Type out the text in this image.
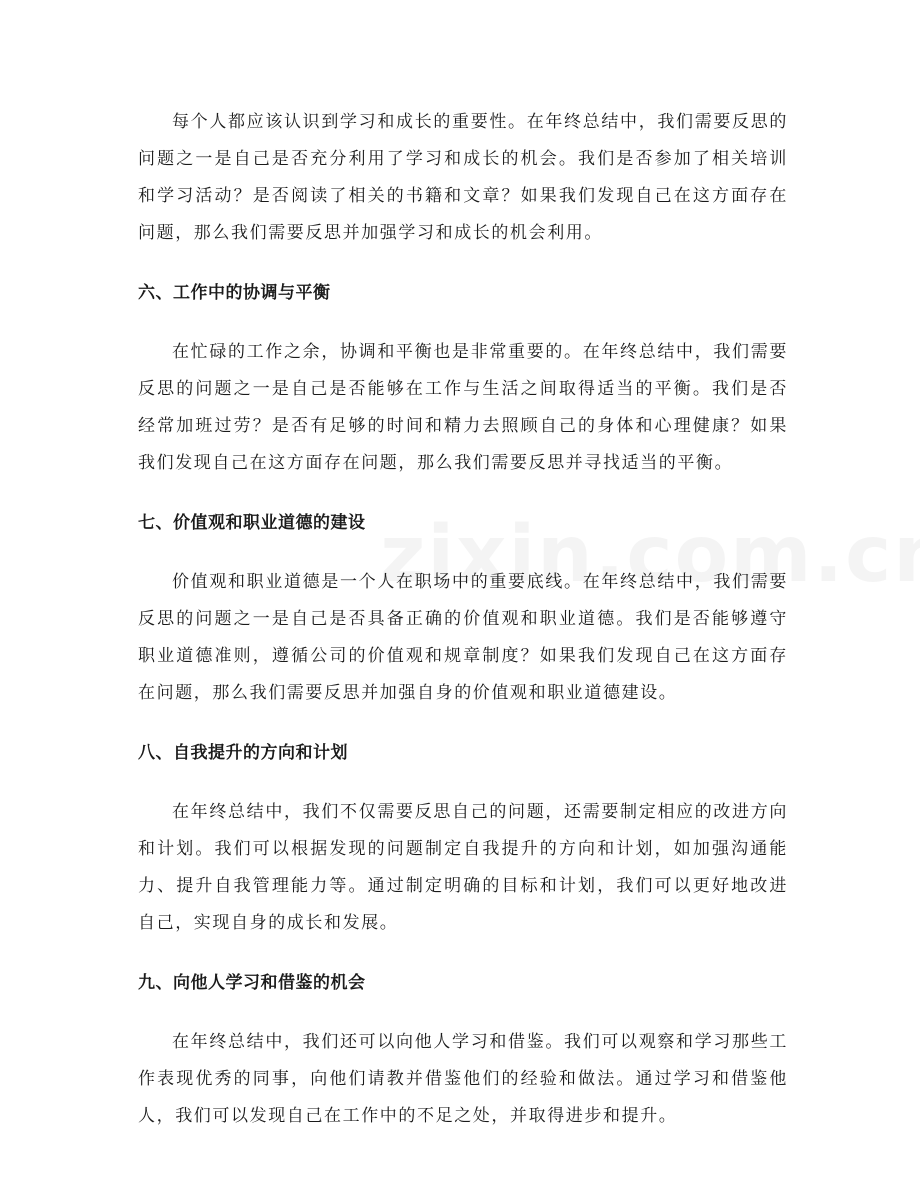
每个人都应该认识到学习和成长的重要性。在年终总结中，我们需要反思的问题之一是自己是否充分利用了学习和成长的机会。我们是否参加了相关培训和学习活动？是否阅读了相关的书籍和文章？如果我们发现自己在这方面存在问题，那么我们需要反思并加强学习和成长的机会利用。

六、工作中的协调与平衡

在忙碌的工作之余，协调和平衡也是非常重要的。在年终总结中，我们需要反思的问题之一是自己是否能够在工作与生活之间取得适当的平衡。我们是否经常加班过劳？是否有足够的时间和精力去照顾自己的身体和心理健康？如果我们发现自己在这方面存在问题，那么我们需要反思并寻找适当的平衡。

七、价值观和职业道德的建设

价值观和职业道德是一个人在职场中的重要底线。在年终总结中，我们需要反思的问题之一是自己是否具备正确的价值观和职业道德。我们是否能够遵守职业道德准则，遵循公司的价值观和规章制度？如果我们发现自己在这方面存在问题，那么我们需要反思并加强自身的价值观和职业道德建设。

八、自我提升的方向和计划

在年终总结中，我们不仅需要反思自己的问题，还需要制定相应的改进方向和计划。我们可以根据发现的问题制定自我提升的方向和计划，如加强沟通能力、提升自我管理能力等。通过制定明确的目标和计划，我们可以更好地改进自己，实现自身的成长和发展。

九、向他人学习和借鉴的机会

在年终总结中，我们还可以向他人学习和借鉴。我们可以观察和学习那些工作表现优秀的同事，向他们请教并借鉴他们的经验和做法。通过学习和借鉴他人，我们可以发现自己在工作中的不足之处，并取得进步和提升。
